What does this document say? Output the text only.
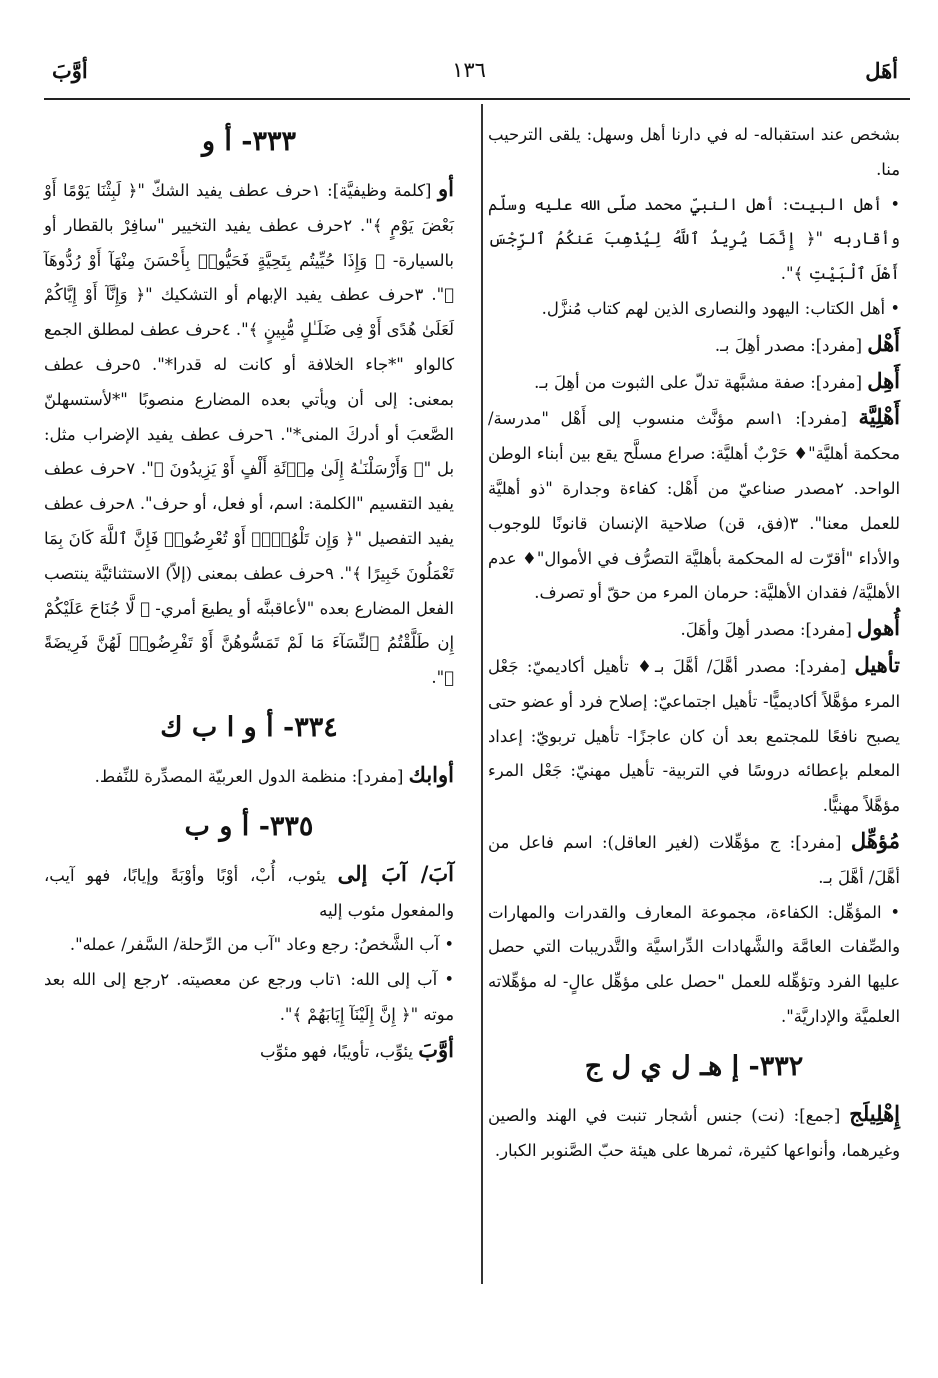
أهَل
١٣٦
أوَّبَ

بشخص عند استقباله- له في دارنا أهل وسهل: يلقى الترحيب منا.

• أهل البيت: أهل النبيِّ محمد صلّى الله عليه وسلّم وأقاربه "﴿ إِنَّمَا يُرِيدُ ٱللَّهُ لِيُذْهِبَ عَنكُمُ ٱلرِّجْسَ أَهْلَ ٱلْبَيْتِ ﴾".

• أهل الكتاب: اليهود والنصارى الذين لهم كتاب مُنزَّل.

أَهْل [مفرد]: مصدر أهِلَ بـ.

أَهِل [مفرد]: صفة مشبَّهة تدلّ على الثبوت من أهِلَ بـ.

أَهْلِيَّة [مفرد]: ١اسم مؤنَّث منسوب إلى أَهْل "مدرسة/ محكمة أهليَّة"♦ حَرْبٌ أهليَّة: صراع مسلَّح يقع بين أبناء الوطن الواحد. ٢مصدر صناعيّ من أَهْل: كفاءة وجدارة "ذو أهليَّة للعمل معنا". ٣(فق، قن) صلاحية الإنسان قانونًا للوجوب والأداء "أقرّت له المحكمة بأهليَّة التصرُّف في الأموال"♦ عدم الأهليَّة/ فقدان الأهليَّة: حرمان المرء من حقّ أو تصرف.

أُهول [مفرد]: مصدر أهِلَ وأهَلَ.

تأهيل [مفرد]: مصدر أهَّلَ/ أهَّلَ بـ♦ تأهيل أكاديميّ: جَعْل المرء مؤهَّلاً أكاديميًّا- تأهيل اجتماعيّ: إصلاح فرد أو عضو حتى يصبح نافعًا للمجتمع بعد أن كان عاجزًا- تأهيل تربويّ: إعداد المعلم بإعطائه دروسًا في التربية- تأهيل مهنيّ: جَعْل المرء مؤهَّلاً مهنيًّا.

مُؤهِّل [مفرد]: ج مؤهِّلات (لغير العاقل): اسم فاعل من أهَّلَ/ أهَّلَ بـ.

• المؤهِّل: الكفاءة، مجموعة المعارف والقدرات والمهارات والصِّفات العامَّة والشَّهادات الدِّراسيَّة والتَّدريبات التي حصل عليها الفرد وتؤهِّله للعمل "حصل على مؤهِّل عالٍ- له مؤهِّلاته العلميَّة والإداريَّة".

٣٣٢- إ هـ ل ي ل ج

إِهْلِيلَج [جمع]: (نت) جنس أشجار تنبت في الهند والصين وغيرهما، وأنواعها كثيرة، ثمرها على هيئة حبّ الصَّنوبر الكبار.

٣٣٣- أ و

أو [كلمة وظيفيَّة]: ١حرف عطف يفيد الشكّ "﴿ لَبِثْنَا يَوْمًا أَوْ بَعْضَ يَوْمٍ ﴾". ٢حرف عطف يفيد التخيير "سافِرْ بالقطار أو بالسيارة- ﴿ وَإِذَا حُيِّيتُم بِتَحِيَّةٍ فَحَيُّوا۟ بِأَحْسَنَ مِنْهَآ أَوْ رُدُّوهَآ ﴾". ٣حرف عطف يفيد الإبهام أو التشكيك "﴿ وَإِنَّآ أَوْ إِيَّاكُمْ لَعَلَىٰ هُدًى أَوْ فِى ضَلَـٰلٍ مُّبِينٍ ﴾". ٤حرف عطف لمطلق الجمع كالواو "*جاء الخلافة أو كانت له قدرا*". ٥حرف عطف بمعنى: إلى أن ويأتي بعده المضارع منصوبًا "*لأستسهلنّ الصَّعبَ أو أدركَ المنى*". ٦حرف عطف يفيد الإضراب مثل: بل "﴿ وَأَرْسَلْنَـٰهُ إِلَىٰ مِا۟ئَةِ أَلْفٍ أَوْ يَزِيدُونَ ﴾". ٧حرف عطف يفيد التقسيم "الكلمة: اسم، أو فعل، أو حرف". ٨حرف عطف يفيد التفصيل "﴿ وَإِن تَلْوُۥٓا۟ أَوْ تُعْرِضُوا۟ فَإِنَّ ٱللَّهَ كَانَ بِمَا تَعْمَلُونَ خَبِيرًا ﴾". ٩حرف عطف بمعنى (إلاّ) الاستثنائيَّة ينتصب الفعل المضارع بعده "لأعاقبنَّه أو يطيعَ أمري- ﴿ لَّا جُنَاحَ عَلَيْكُمْ إِن طَلَّقْتُمُ ٱلنِّسَآءَ مَا لَمْ تَمَسُّوهُنَّ أَوْ تَفْرِضُوا۟ لَهُنَّ فَرِيضَةً ﴾".

٣٣٤- أ و ا ب ك

أوابك [مفرد]: منظمة الدول العربيّة المصدِّرة للنِّفط.

٣٣٥- أ و ب

آبَ/ آبَ إلى يئوب، أُبْ، أوْبًا وأوْبَةً وإيابًا، فهو آيب، والمفعول مئوب إليه

• آب الشَّخصُ: رجع وعاد "آب من الرِّحلة/ السَّفر/ عمله".

• آب إلى الله: ١تاب ورجع عن معصيته. ٢رجع إلى الله بعد موته "﴿ إِنَّ إِلَيْنَآ إِيَابَهُمْ ﴾".

أوَّبَ يئوِّب، تأويبًا، فهو مئوِّب
